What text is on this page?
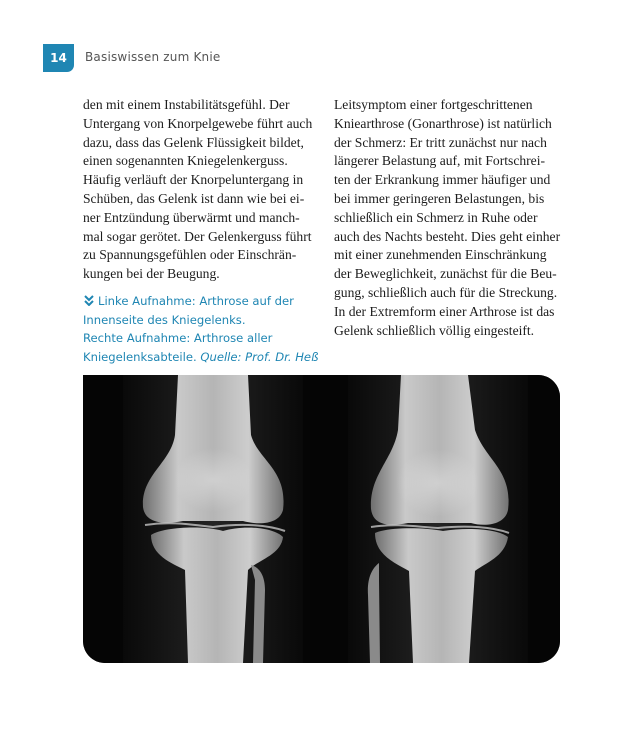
14	Basiswissen zum Knie

den mit einem Instabilitätsgefühl. Der
Untergang von Knorpelgewebe führt auch
dazu, dass das Gelenk Flüssigkeit bildet,
einen sogenannten Kniegelenkerguss.
Häufig verläuft der Knorpeluntergang in
Schüben, das Gelenk ist dann wie bei ei-
ner Entzündung überwärmt und manch-
mal sogar gerötet. Der Gelenkerguss führt
zu Spannungsgefühlen oder Einschrän-
kungen bei der Beugung.

Linke Aufnahme: Arthrose auf der
Innenseite des Kniegelenks.
Rechte Aufnahme: Arthrose aller
Kniegelenksabteile. Quelle: Prof. Dr. Heß

Leitsymptom einer fortgeschrittenen
Kniearthrose (Gonarthrose) ist natürlich
der Schmerz: Er tritt zunächst nur nach
längerer Belastung auf, mit Fortschrei-
ten der Erkrankung immer häufiger und
bei immer geringeren Belastungen, bis
schließlich ein Schmerz in Ruhe oder
auch des Nachts besteht. Dies geht einher
mit einer zunehmenden Einschränkung
der Beweglichkeit, zunächst für die Beu-
gung, schließlich auch für die Streckung.
In der Extremform einer Arthrose ist das
Gelenk schließlich völlig eingesteift.
